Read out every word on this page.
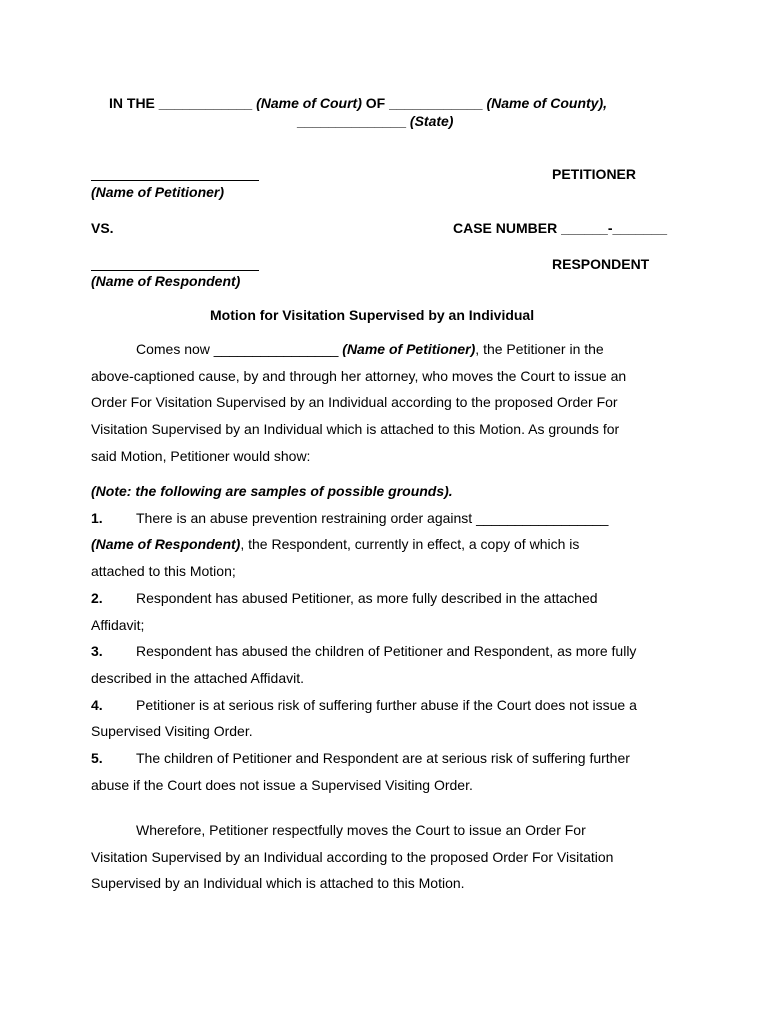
IN THE ____________ (Name of Court) OF ____________ (Name of County),
______________ (State)
PETITIONER
(Name of Petitioner)
VS.	CASE NUMBER ______-_______
RESPONDENT
(Name of Respondent)
Motion for Visitation Supervised by an Individual

Comes now ________________ (Name of Petitioner), the Petitioner in the

above-captioned cause, by and through her attorney, who moves the Court to issue an

Order For Visitation Supervised by an Individual according to the proposed Order For

Visitation Supervised by an Individual which is attached to this Motion. As grounds for

said Motion, Petitioner would show:

(Note: the following are samples of possible grounds).

1. There is an abuse prevention restraining order against _________________

(Name of Respondent), the Respondent, currently in effect, a copy of which is

attached to this Motion;

2. Respondent has abused Petitioner, as more fully described in the attached

Affidavit;

3. Respondent has abused the children of Petitioner and Respondent, as more fully

described in the attached Affidavit.

4. Petitioner is at serious risk of suffering further abuse if the Court does not issue a

Supervised Visiting Order.

5. The children of Petitioner and Respondent are at serious risk of suffering further

abuse if the Court does not issue a Supervised Visiting Order.

Wherefore, Petitioner respectfully moves the Court to issue an Order For

Visitation Supervised by an Individual according to the proposed Order For Visitation

Supervised by an Individual which is attached to this Motion.
